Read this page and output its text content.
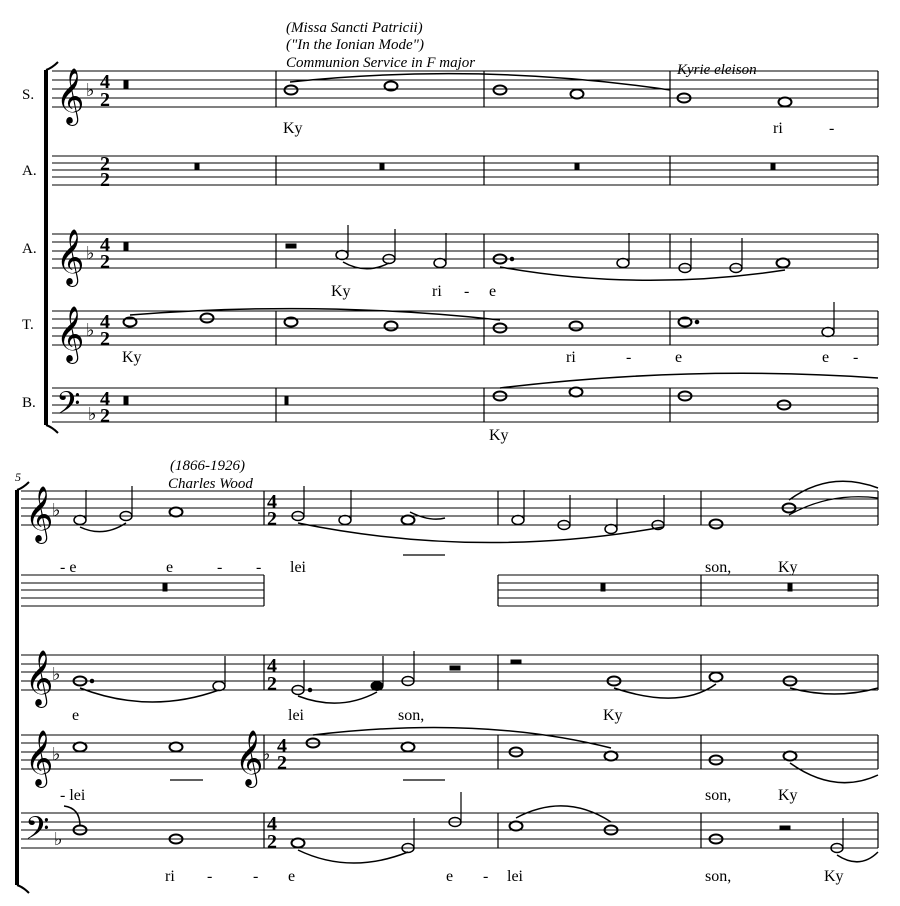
(Missa Sancti Patricii)
("In the Ionian Mode")
Communion Service in F major	Kyrie eleison
(1866-1926)
Charles Wood
S.
A.
A.
T.
B.
5
𝄞 ♭ 4
2
2
2
𝄞 ♭ 4
2
𝄞 ♭ 4
2
𝄢 ♭
4
2
Ky	ri	-
Ky	ri - e
Ky	ri	-	e	e -
Ky
𝄞
♭	4
2
𝄞
♭	4
2
𝄞
♭	𝄞
♭ 4
2
𝄢 ♭
4
2
- e	e	- - lei	son,	Ky
e	lei	son,	Ky
- lei	son,	Ky
ri -	- e	e - lei	son,	Ky
